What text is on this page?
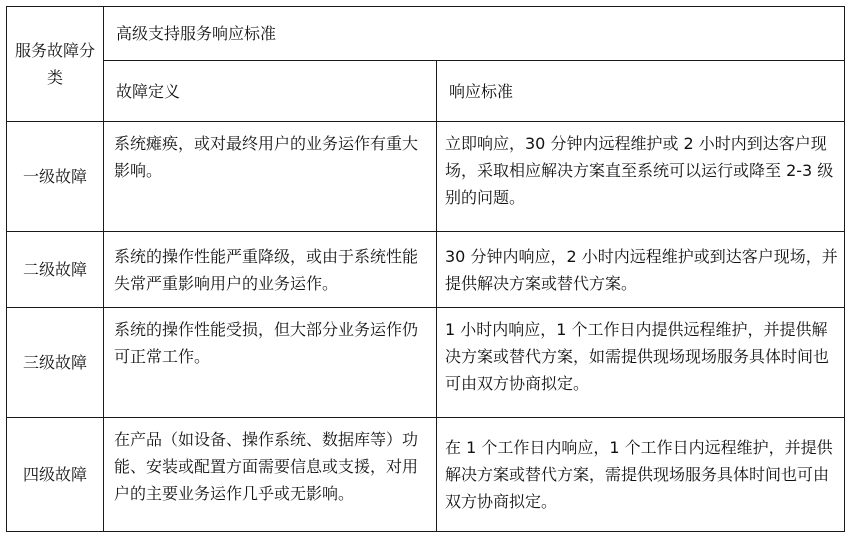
服务故障分类	高级支持服务响应标准	
	故障定义	响应标准
一级故障	系统瘫痪，或对最终用户的业务运作有重大影响。	立即响应，30 分钟内远程维护或 2 小时内到达客户现场，采取相应解决方案直至系统可以运行或降至 2-3 级别的问题。
二级故障	系统的操作性能严重降级，或由于系统性能失常严重影响用户的业务运作。	30 分钟内响应，2 小时内远程维护或到达客户现场，并提供解决方案或替代方案。
三级故障	系统的操作性能受损，但大部分业务运作仍可正常工作。	1 小时内响应，1 个工作日内提供远程维护，并提供解决方案或替代方案，如需提供现场现场服务具体时间也可由双方协商拟定。
四级故障	在产品（如设备、操作系统、数据库等）功能、安装或配置方面需要信息或支援，对用户的主要业务运作几乎或无影响。	在 1 个工作日内响应，1 个工作日内远程维护，并提供解决方案或替代方案，需提供现场服务具体时间也可由双方协商拟定。
